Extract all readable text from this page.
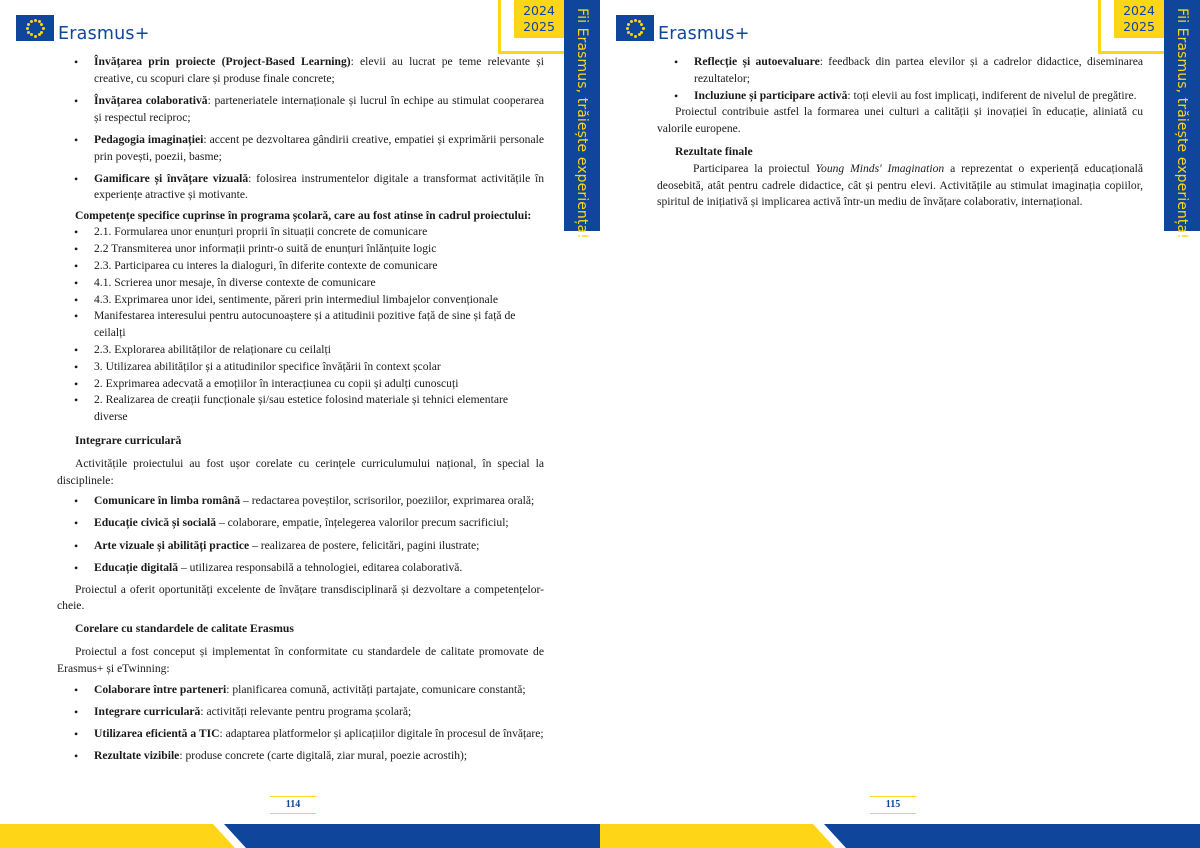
Erasmus+
2024
2025	Fii Erasmus, trăiește experiența!
• Învățarea prin proiecte (Project-Based Learning): elevii au lucrat pe teme relevante și creative, cu scopuri clare și produse finale concrete;
• Învățarea colaborativă: parteneriatele internaționale și lucrul în echipe au stimulat cooperarea și respectul reciproc;
• Pedagogia imaginației: accent pe dezvoltarea gândirii creative, empatiei și exprimării personale prin povești, poezii, basme;
• Gamificare și învățare vizuală: folosirea instrumentelor digitale a transformat activitățile în experiențe atractive și motivante.

Competențe specifice cuprinse în programa școlară, care au fost atinse în cadrul proiectului:

• 2.1. Formularea unor enunțuri proprii în situații concrete de comunicare
• 2.2 Transmiterea unor informații printr-o suită de enunțuri înlănțuite logic
• 2.3. Participarea cu interes la dialoguri, în diferite contexte de comunicare
• 4.1. Scrierea unor mesaje, în diverse contexte de comunicare
• 4.3. Exprimarea unor idei, sentimente, păreri prin intermediul limbajelor convenționale
• Manifestarea interesului pentru autocunoaștere și a atitudinii pozitive față de sine și față de ceilalți
• 2.3. Explorarea abilităților de relaționare cu ceilalți
• 3. Utilizarea abilităților și a atitudinilor specifice învățării în context școlar
• 2. Exprimarea adecvată a emoțiilor în interacțiunea cu copii și adulți cunoscuți
• 2. Realizarea de creații funcționale și/sau estetice folosind materiale și tehnici elementare diverse

Integrare curriculară

Activitățile proiectului au fost ușor corelate cu cerințele curriculumului național, în special la disciplinele:

• Comunicare în limba română – redactarea poveștilor, scrisorilor, poeziilor, exprimarea orală;
• Educație civică și socială – colaborare, empatie, înțelegerea valorilor precum sacrificiul;
• Arte vizuale și abilități practice – realizarea de postere, felicitări, pagini ilustrate;
• Educație digitală – utilizarea responsabilă a tehnologiei, editarea colaborativă.

Proiectul a oferit oportunități excelente de învățare transdisciplinară și dezvoltare a competențelor-cheie.

Corelare cu standardele de calitate Erasmus

Proiectul a fost conceput și implementat în conformitate cu standardele de calitate promovate de Erasmus+ și eTwinning:

• Colaborare între parteneri: planificarea comună, activități partajate, comunicare constantă;
• Integrare curriculară: activități relevante pentru programa școlară;
• Utilizarea eficientă a TIC: adaptarea platformelor și aplicațiilor digitale în procesul de învățare;
• Rezultate vizibile: produse concrete (carte digitală, ziar mural, poezie acrostih);
114
Erasmus+
2024
2025	Fii Erasmus, trăiește experiența!
• Reflecție și autoevaluare: feedback din partea elevilor și a cadrelor didactice, diseminarea rezultatelor;
• Incluziune și participare activă: toți elevii au fost implicați, indiferent de nivelul de pregătire.

Proiectul contribuie astfel la formarea unei culturi a calității și inovației în educație, aliniată cu valorile europene.

Rezultate finale

Participarea la proiectul Young Minds' Imagination a reprezentat o experiență educațională deosebită, atât pentru cadrele didactice, cât și pentru elevi. Activitățile au stimulat imaginația copiilor, spiritul de inițiativă și implicarea activă într-un mediu de învățare colaborativ, internațional.

115
